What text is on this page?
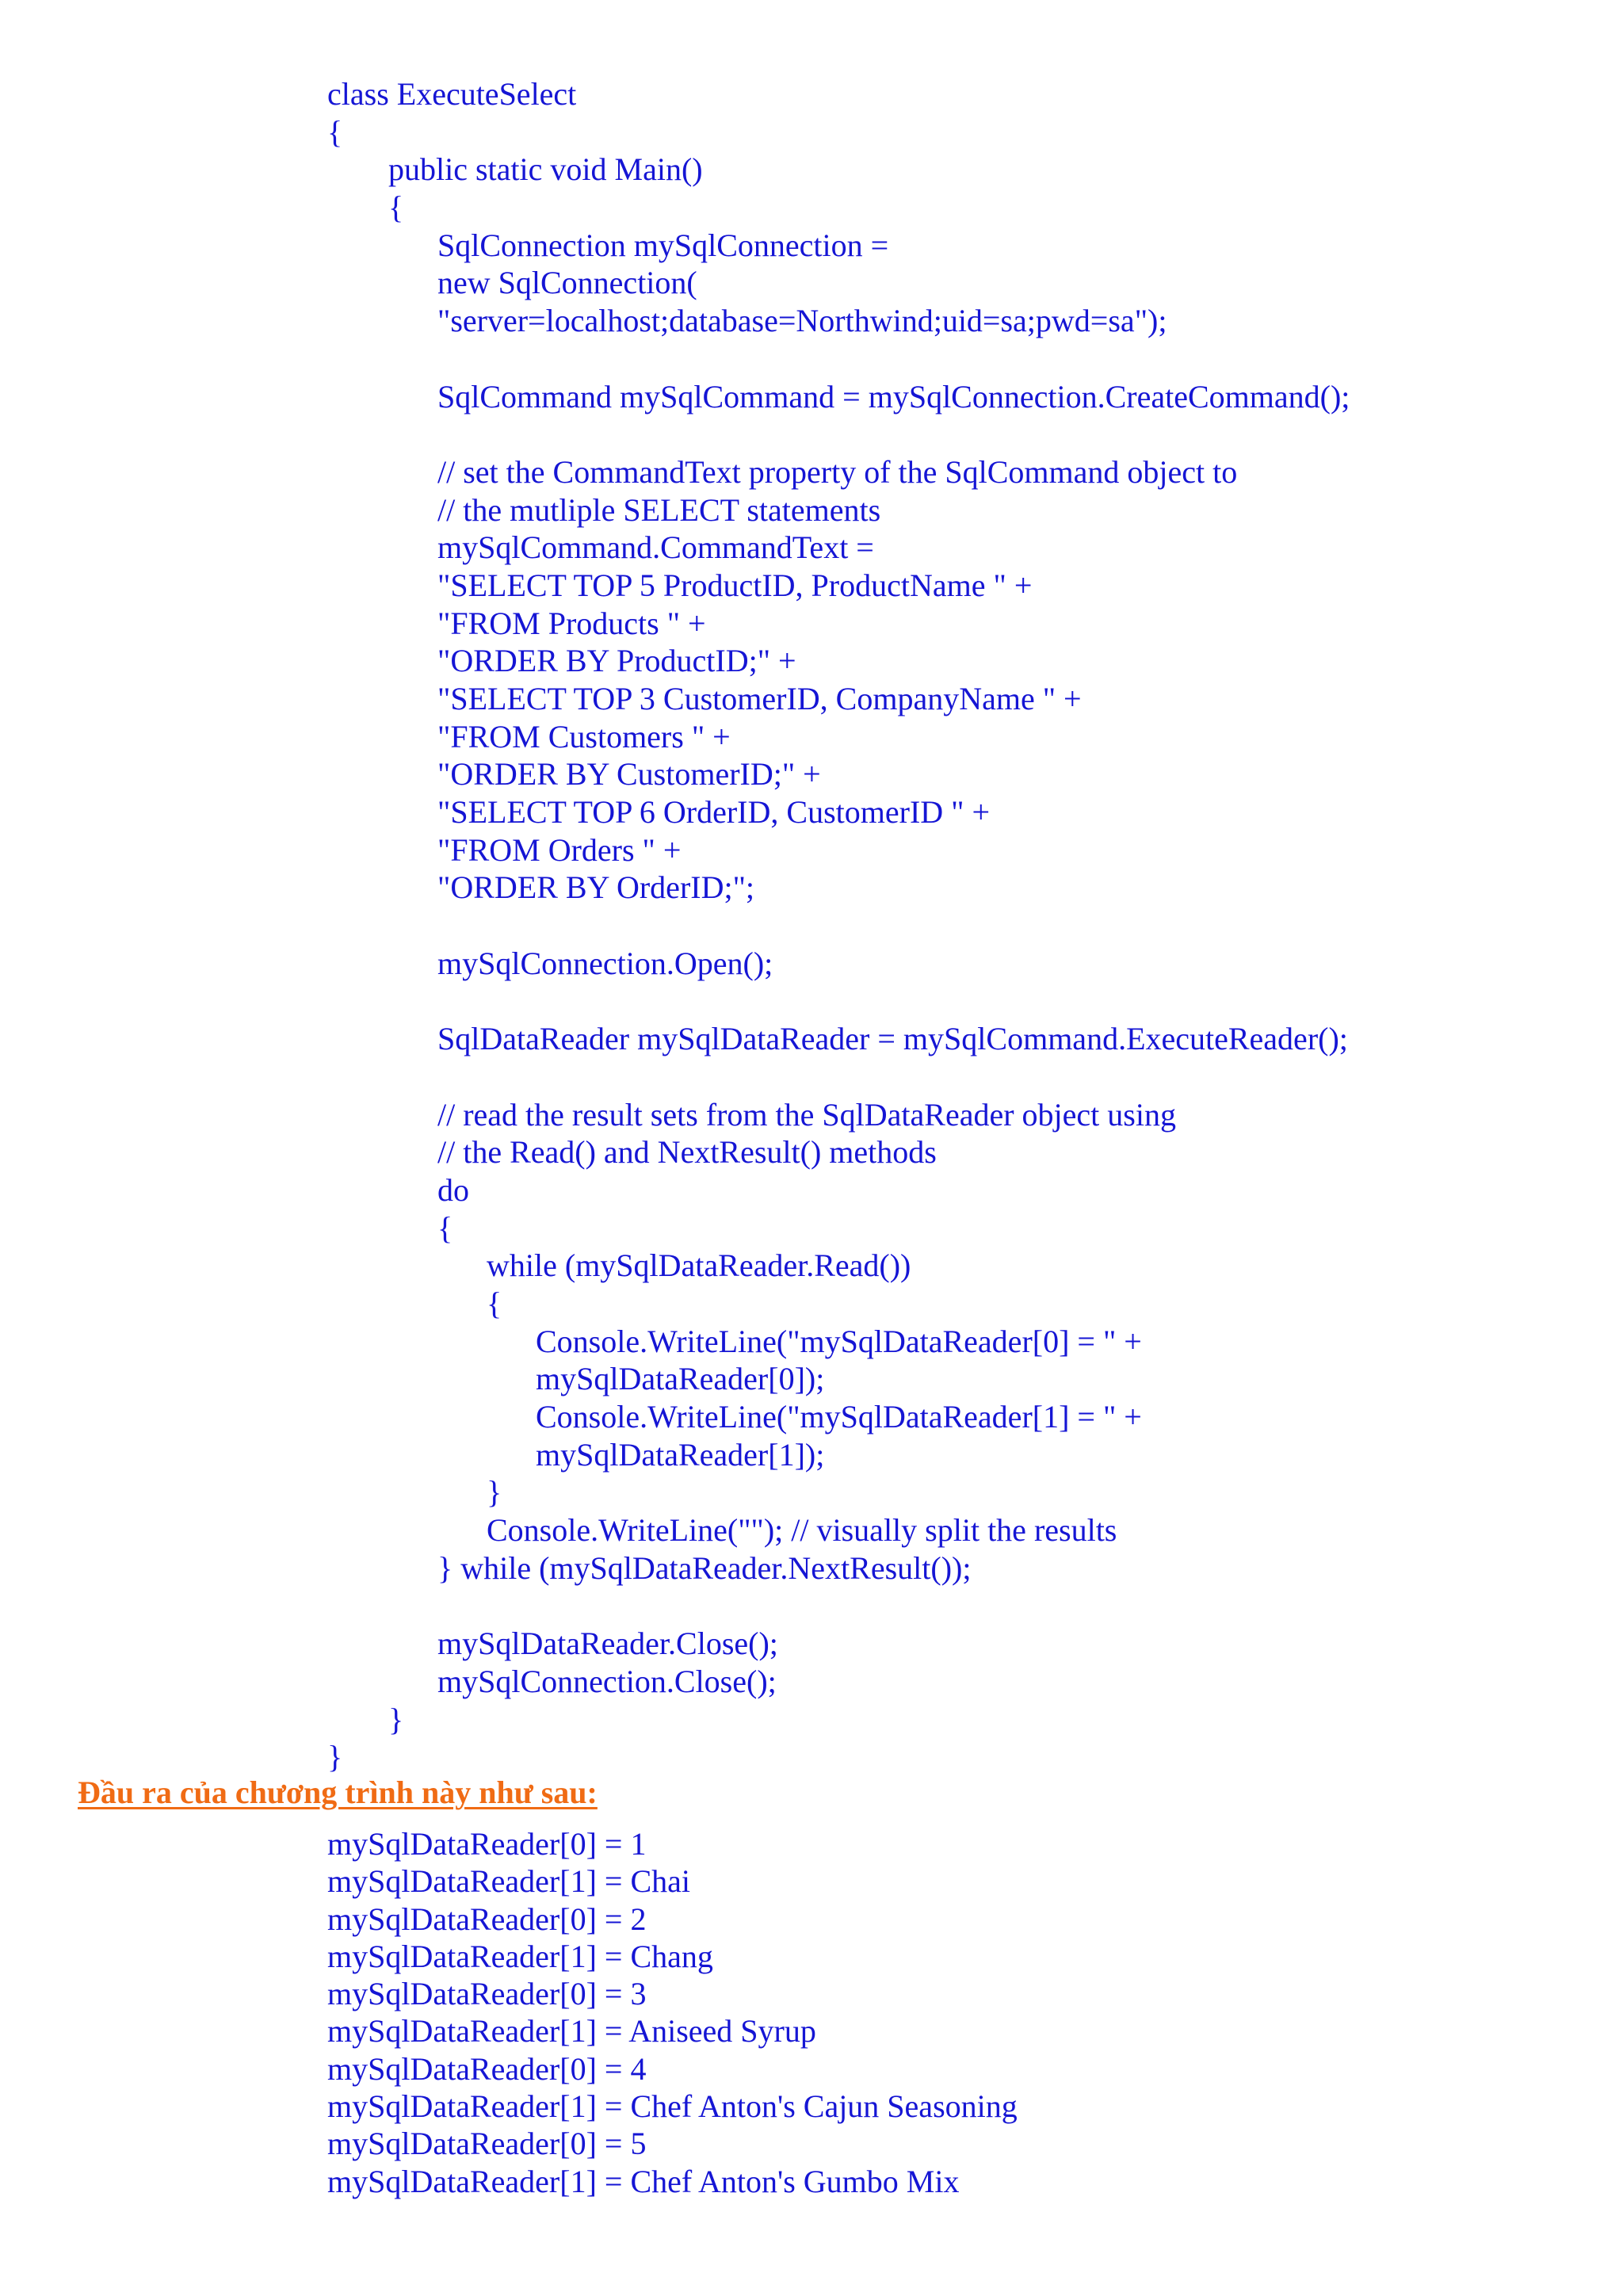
class ExecuteSelect
{
public static void Main()
{
SqlConnection mySqlConnection =
new SqlConnection(
"server=localhost;database=Northwind;uid=sa;pwd=sa");
SqlCommand mySqlCommand = mySqlConnection.CreateCommand();
// set the CommandText property of the SqlCommand object to
// the mutliple SELECT statements
mySqlCommand.CommandText =
"SELECT TOP 5 ProductID, ProductName " +
"FROM Products " +
"ORDER BY ProductID;" +
"SELECT TOP 3 CustomerID, CompanyName " +
"FROM Customers " +
"ORDER BY CustomerID;" +
"SELECT TOP 6 OrderID, CustomerID " +
"FROM Orders " +
"ORDER BY OrderID;";
mySqlConnection.Open();
SqlDataReader mySqlDataReader = mySqlCommand.ExecuteReader();
// read the result sets from the SqlDataReader object using
// the Read() and NextResult() methods
do
{
while (mySqlDataReader.Read())
{
Console.WriteLine("mySqlDataReader[0] = " +
mySqlDataReader[0]);
Console.WriteLine("mySqlDataReader[1] = " +
mySqlDataReader[1]);
}
Console.WriteLine(""); // visually split the results
} while (mySqlDataReader.NextResult());
mySqlDataReader.Close();
mySqlConnection.Close();
}
}
Đầu ra của chương trình này như sau:
mySqlDataReader[0] = 1
mySqlDataReader[1] = Chai
mySqlDataReader[0] = 2
mySqlDataReader[1] = Chang
mySqlDataReader[0] = 3
mySqlDataReader[1] = Aniseed Syrup
mySqlDataReader[0] = 4
mySqlDataReader[1] = Chef Anton's Cajun Seasoning
mySqlDataReader[0] = 5
mySqlDataReader[1] = Chef Anton's Gumbo Mix
